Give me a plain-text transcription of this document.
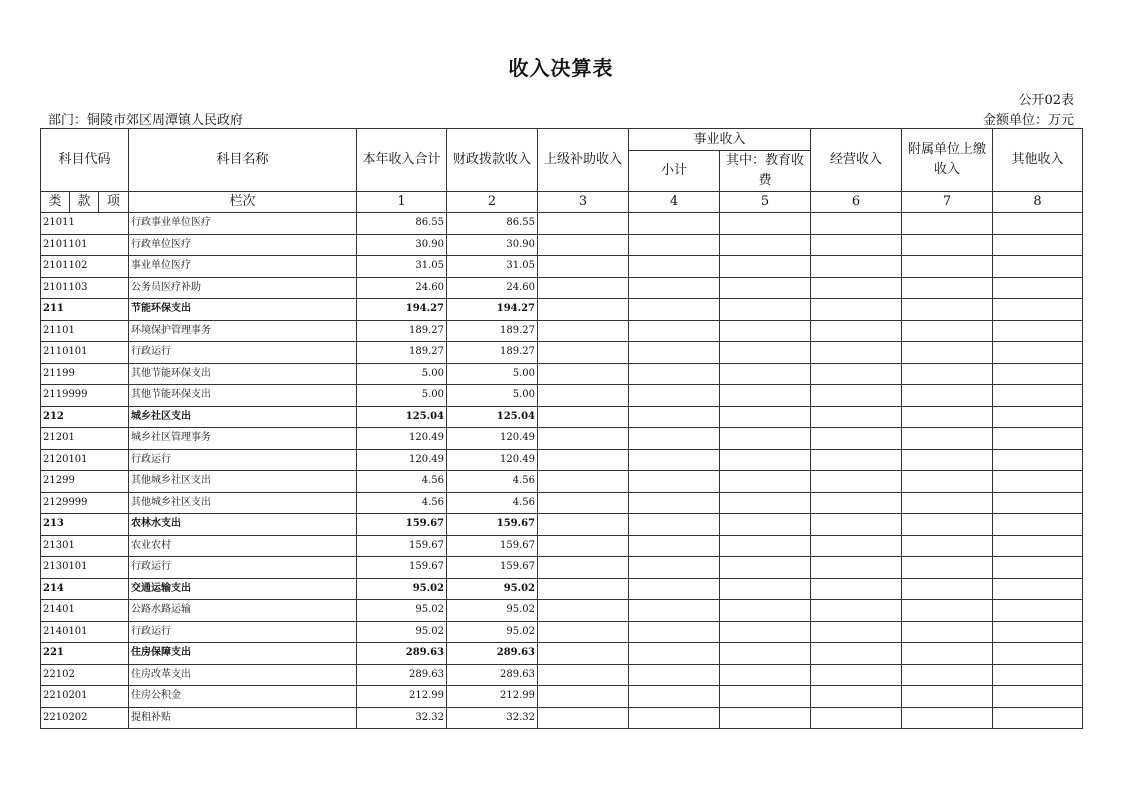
收入决算表
公开02表
部门：铜陵市郊区周潭镇人民政府	金额单位：万元
科目代码			科目名称	本年收入合计	财政拨款收入	上级补助收入	事业收入		经营收入	附属单位上缴收入	其他收入
							小计	其中：教育收费			
类	款	项	栏次	1	2	3	4	5	6	7	8
21011			行政事业单位医疗	86.55	86.55						
2101101			行政单位医疗	30.90	30.90						
2101102			事业单位医疗	31.05	31.05						
2101103			公务员医疗补助	24.60	24.60						
211			节能环保支出	194.27	194.27						
21101			环境保护管理事务	189.27	189.27						
2110101			行政运行	189.27	189.27						
21199			其他节能环保支出	5.00	5.00						
2119999			其他节能环保支出	5.00	5.00						
212			城乡社区支出	125.04	125.04						
21201			城乡社区管理事务	120.49	120.49						
2120101			行政运行	120.49	120.49						
21299			其他城乡社区支出	4.56	4.56						
2129999			其他城乡社区支出	4.56	4.56						
213			农林水支出	159.67	159.67						
21301			农业农村	159.67	159.67						
2130101			行政运行	159.67	159.67						
214			交通运输支出	95.02	95.02						
21401			公路水路运输	95.02	95.02						
2140101			行政运行	95.02	95.02						
221			住房保障支出	289.63	289.63						
22102			住房改革支出	289.63	289.63						
2210201			住房公积金	212.99	212.99						
2210202			提租补贴	32.32	32.32						
